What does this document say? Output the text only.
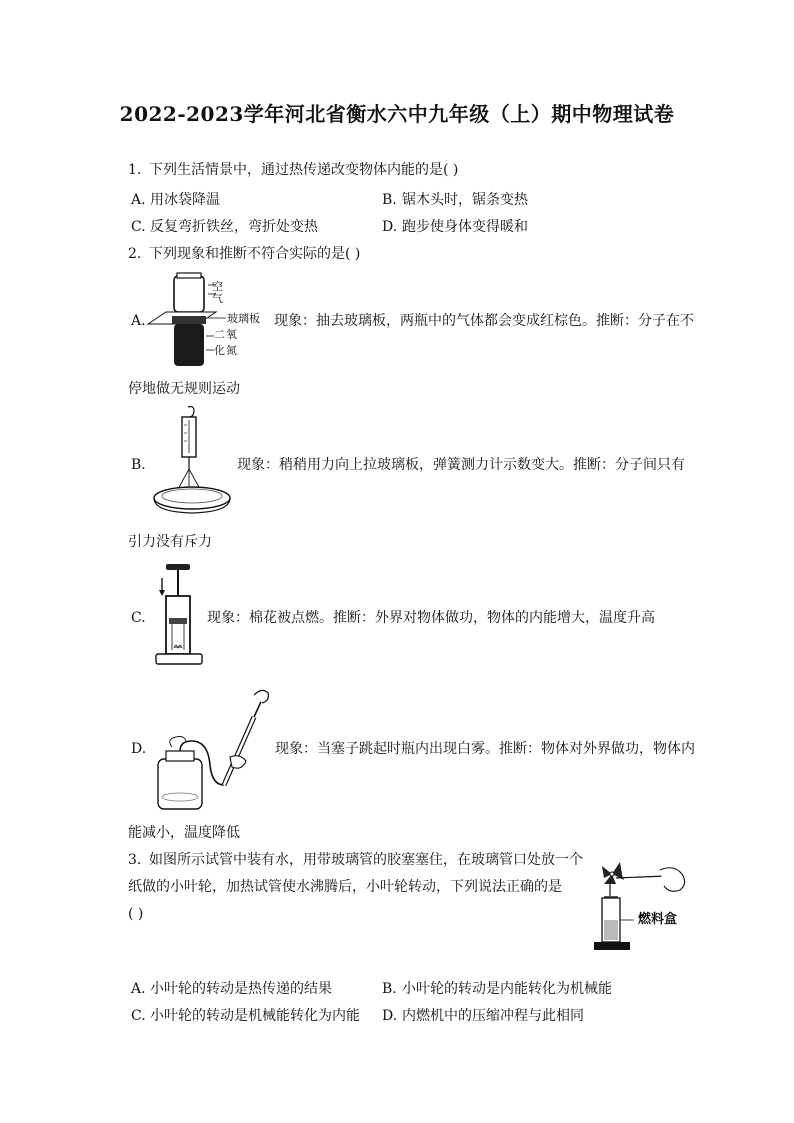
2022-2023学年河北省衡水六中九年级（上）期中物理试卷
1. 下列生活情景中，通过热传递改变物体内能的是( )
A. 用冰袋降温	B. 锯木头时，锯条变热
C. 反复弯折铁丝，弯折处变热	D. 跑步使身体变得暖和
2. 下列现象和推断不符合实际的是( )
A.
空
气
玻璃板
二 氧
化 氮
现象：抽去玻璃板，两瓶中的气体都会变成红棕色。推断：分子在不
停地做无规则运动
B.	现象：稍稍用力向上拉玻璃板，弹簧测力计示数变大。推断：分子间只有
引力没有斥力
C.	现象：棉花被点燃。推断：外界对物体做功，物体的内能增大，温度升高
D.	现象：当塞子跳起时瓶内出现白雾。推断：物体对外界做功，物体内
能减小，温度降低
3. 如图所示试管中装有水，用带玻璃管的胶塞塞住，在玻璃管口处放一个
纸做的小叶轮，加热试管使水沸腾后，小叶轮转动，下列说法正确的是
( )	燃料盒
A. 小叶轮的转动是热传递的结果	B. 小叶轮的转动是内能转化为机械能
C. 小叶轮的转动是机械能转化为内能 D. 内燃机中的压缩冲程与此相同
